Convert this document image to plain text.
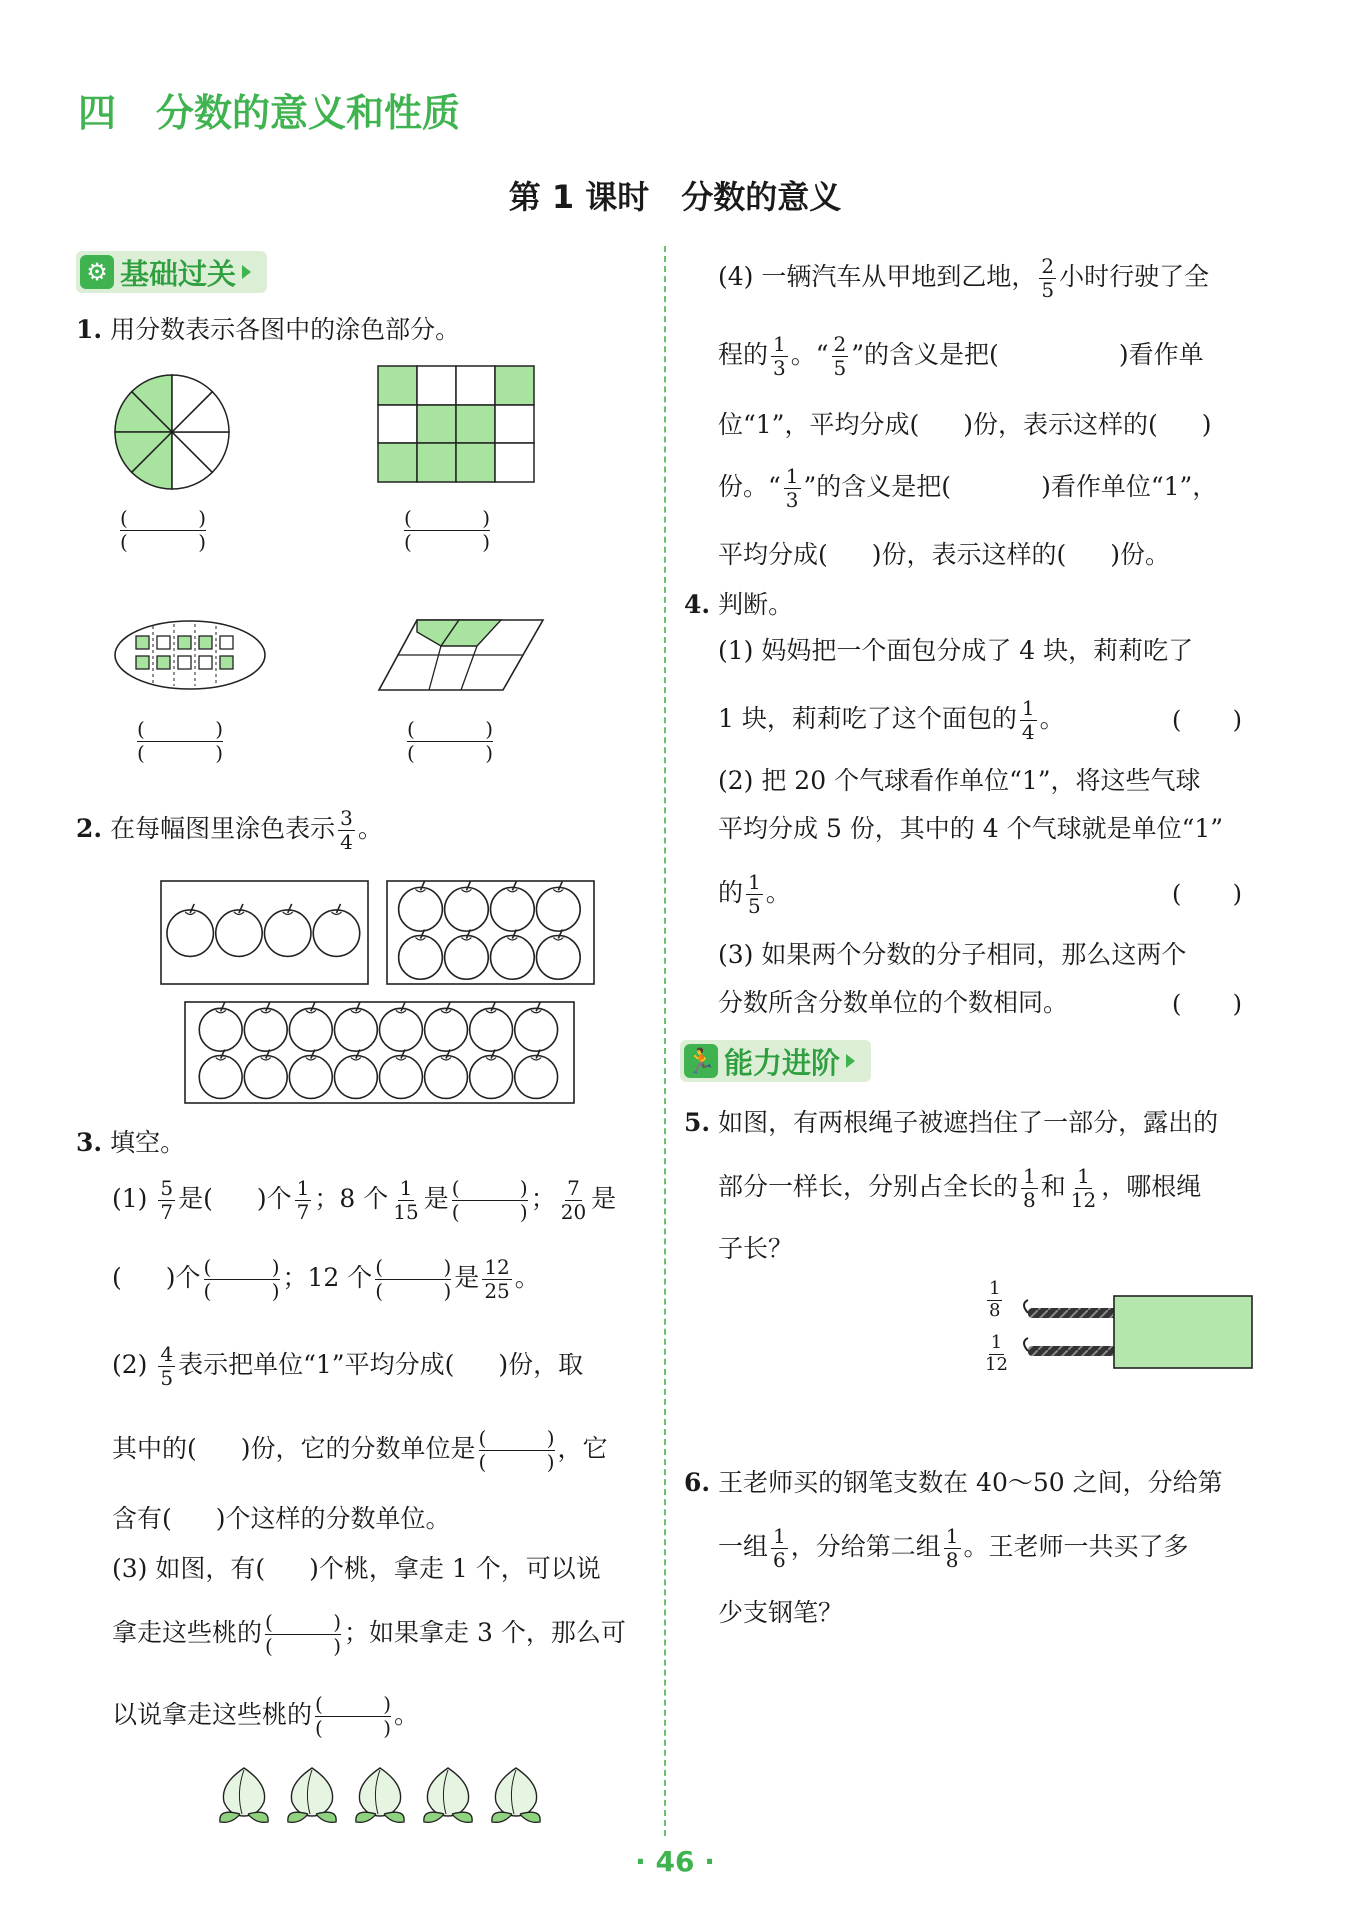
四 分数的意义和性质
第 1 课时　分数的意义
⚙ 基础过关
1. 用分数表示各图中的涂色部分。
(	)
(	)
(	)
(	)
(	)
(	)
(	)
(	)
2. 在每幅图里涂色表示 $\frac{3}{4}$ 。
3. 填空。
$(1) \frac{5}{7}$ 是( )个 $\frac{1}{7}$ ；8 个 $\frac{1}{15}$ 是 (	)
(	) ； $\frac{7}{20}$ 是
( )个 (	)
(	) ；12 个 (	)
(	) 是 $\frac{12}{25}$ 。
$(2) \frac{4}{5}$ 表示把单位“1”平均分成( )份，取
其中的( )份，它的分数单位是 (	)
(	) ，它
含有( )个这样的分数单位。
(3) 如图，有( )个桃，拿走 1 个，可以说
拿走这些桃的 (	)
(	) ；如果拿走 3 个，那么可
以说拿走这些桃的 (	)
(	) 。
(4) 一辆汽车从甲地到乙地， $\frac{2}{5}$ 小时行驶了全
程的 $\frac{1}{3}$ 。“ $\frac{2}{5}$ ”的含义是把(	)看作单
位“1”，平均分成( )份，表示这样的( )
份。“ $\frac{1}{3}$ ”的含义是把(	)看作单位“1”，
平均分成( )份，表示这样的( )份。
4. 判断。
(1) 妈妈把一个面包分成了 4 块，莉莉吃了
1 块，莉莉吃了这个面包的 $\frac{1}{4}$ 。	( )
(2) 把 20 个气球看作单位“1”，将这些气球
平均分成 5 份，其中的 4 个气球就是单位“1”
的 $\frac{1}{5}$ 。	( )
(3) 如果两个分数的分子相同，那么这两个
分数所含分数单位的个数相同。	( )
🏃 能力进阶
5. 如图，有两根绳子被遮挡住了一部分，露出的
部分一样长，分别占全长的 $\frac{1}{8}$ 和 $\frac{1}{12}$ ，哪根绳
子长？
$\frac{1}{8}$
$\frac{1}{12}$
6. 王老师买的钢笔支数在 40～50 之间，分给第
一组 $\frac{1}{6}$ ，分给第二组 $\frac{1}{8}$ 。王老师一共买了多
少支钢笔？
· 46 ·
